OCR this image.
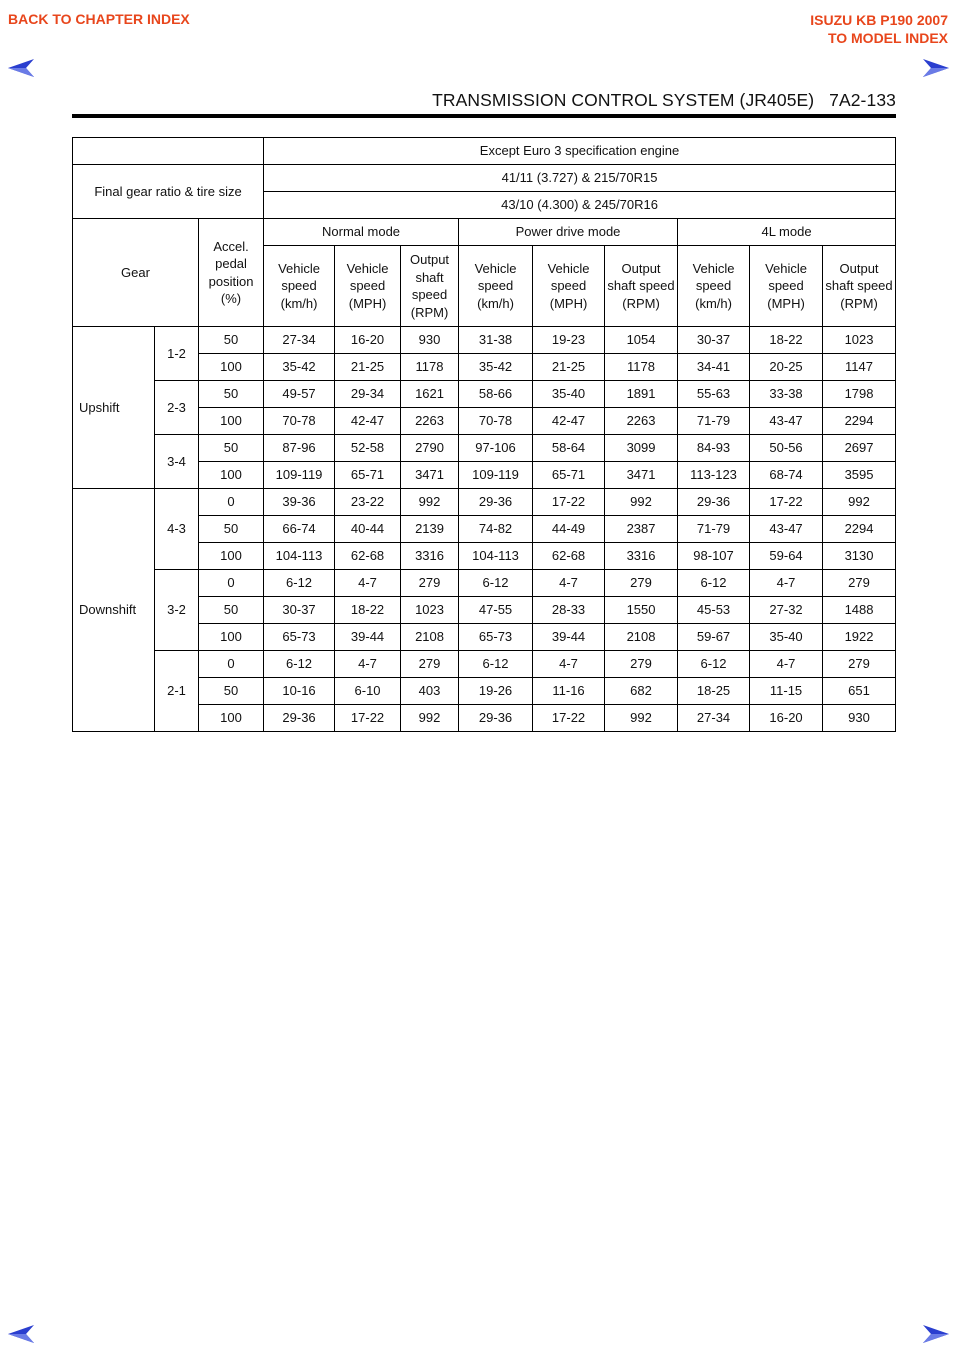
BACK TO CHAPTER INDEX	ISUZU KB P190 2007
TO MODEL INDEX
TRANSMISSION CONTROL SYSTEM (JR405E)   7A2-133
			Except Euro 3 specification engine								
Final gear ratio & tire size			41/11 (3.727) & 215/70R15								
			43/10 (4.300) & 245/70R16								
Gear		Accel. pedal position (%)	Normal mode			Power drive mode			4L mode		
			Vehicle speed (km/h)	Vehicle speed (MPH)	Output shaft speed (RPM)	Vehicle speed (km/h)	Vehicle speed (MPH)	Output shaft speed (RPM)	Vehicle speed (km/h)	Vehicle speed (MPH)	Output shaft speed (RPM)
Upshift	1-2	50	27-34	16-20	930	31-38	19-23	1054	30-37	18-22	1023
		100	35-42	21-25	1178	35-42	21-25	1178	34-41	20-25	1147
	2-3	50	49-57	29-34	1621	58-66	35-40	1891	55-63	33-38	1798
		100	70-78	42-47	2263	70-78	42-47	2263	71-79	43-47	2294
	3-4	50	87-96	52-58	2790	97-106	58-64	3099	84-93	50-56	2697
		100	109-119	65-71	3471	109-119	65-71	3471	113-123	68-74	3595
Downshift	4-3	0	39-36	23-22	992	29-36	17-22	992	29-36	17-22	992
		50	66-74	40-44	2139	74-82	44-49	2387	71-79	43-47	2294
		100	104-113	62-68	3316	104-113	62-68	3316	98-107	59-64	3130
	3-2	0	6-12	4-7	279	6-12	4-7	279	6-12	4-7	279
		50	30-37	18-22	1023	47-55	28-33	1550	45-53	27-32	1488
		100	65-73	39-44	2108	65-73	39-44	2108	59-67	35-40	1922
	2-1	0	6-12	4-7	279	6-12	4-7	279	6-12	4-7	279
		50	10-16	6-10	403	19-26	11-16	682	18-25	11-15	651
		100	29-36	17-22	992	29-36	17-22	992	27-34	16-20	930
